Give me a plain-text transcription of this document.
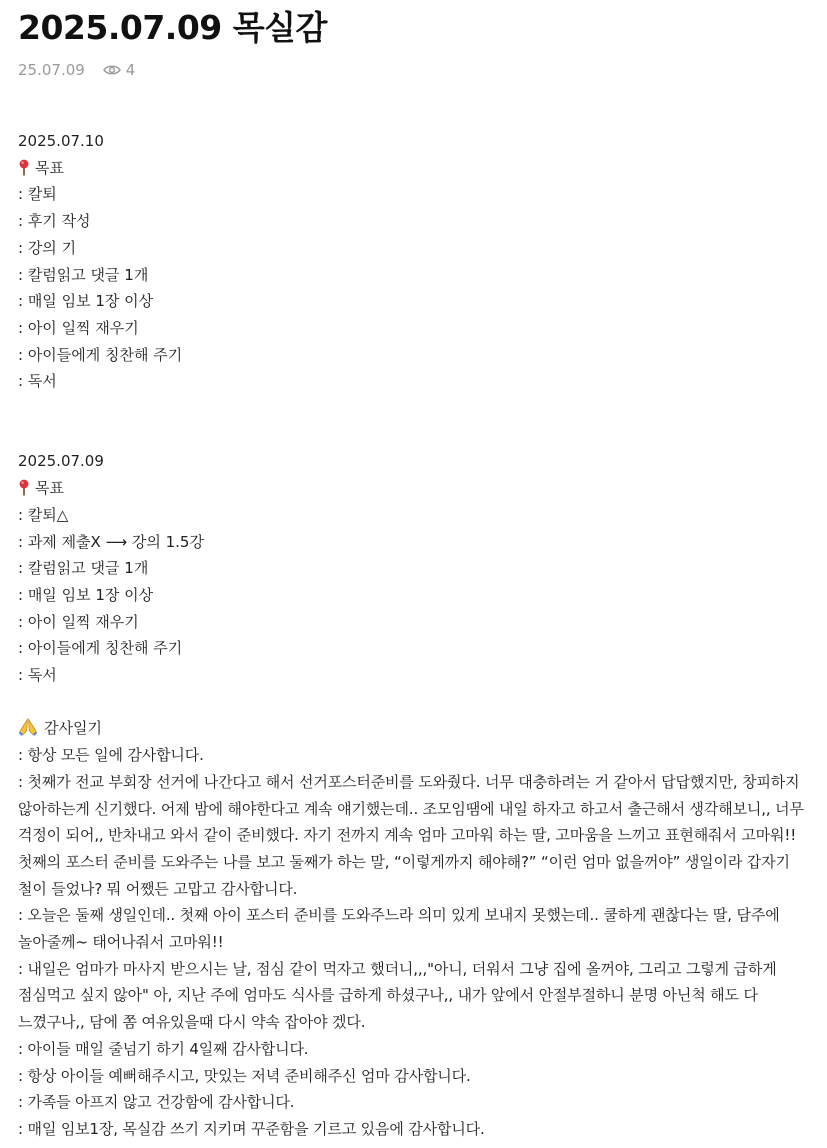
2025.07.09 목실감
25.07.09	4
2025.07.10
목표
: 칼퇴
: 후기 작성
: 강의 기
: 칼럼읽고 댓글 1개
: 매일 임보 1장 이상
: 아이 일찍 재우기
: 아이들에게 칭찬해 주기
: 독서
2025.07.09
목표
: 칼퇴△
: 과제 제출X ⟶ 강의 1.5강
: 칼럼읽고 댓글 1개
: 매일 임보 1장 이상
: 아이 일찍 재우기
: 아이들에게 칭찬해 주기
: 독서
감사일기
: 항상 모든 일에 감사합니다.
: 첫째가 전교 부회장 선거에 나간다고 해서 선거포스터준비를 도와줬다. 너무 대충하려는 거 같아서 답답했지만, 창피하지 않아하는게 신기했다. 어제 밤에 해야한다고 계속 얘기했는데.. 조모임땜에 내일 하자고 하고서 출근해서 생각해보니,, 너무 걱정이 되어,, 반차내고 와서 같이 준비했다. 자기 전까지 계속 엄마 고마워 하는 딸, 고마움을 느끼고 표현해줘서 고마워!! 첫째의 포스터 준비를 도와주는 나를 보고 둘째가 하는 말, “이렇게까지 해야해?” “이런 엄마 없을꺼야” 생일이라 갑자기 철이 들었나? 뭐 어쨌든 고맙고 감사합니다.
: 오늘은 둘째 생일인데.. 첫째 아이 포스터 준비를 도와주느라 의미 있게 보내지 못했는데.. 쿨하게 괜찮다는 딸, 담주에 놀아줄께~ 태어나줘서 고마워!!
: 내일은 엄마가 마사지 받으시는 날, 점심 같이 먹자고 했더니,,,"아니, 더워서 그냥 집에 올꺼야, 그리고 그렇게 급하게 점심먹고 싶지 않아" 아, 지난 주에 엄마도 식사를 급하게 하셨구나,, 내가 앞에서 안절부절하니 분명 아닌척 해도 다 느꼈구나,, 담에 쫌 여유있을때 다시 약속 잡아야 겠다.
: 아이들 매일 줄넘기 하기 4일째 감사합니다.
: 항상 아이들 예뻐해주시고, 맛있는 저녁 준비해주신 엄마 감사합니다.
: 가족들 아프지 않고 건강함에 감사합니다.
: 매일 임보1장, 목실감 쓰기 지키며 꾸준함을 기르고 있음에 감사합니다.
